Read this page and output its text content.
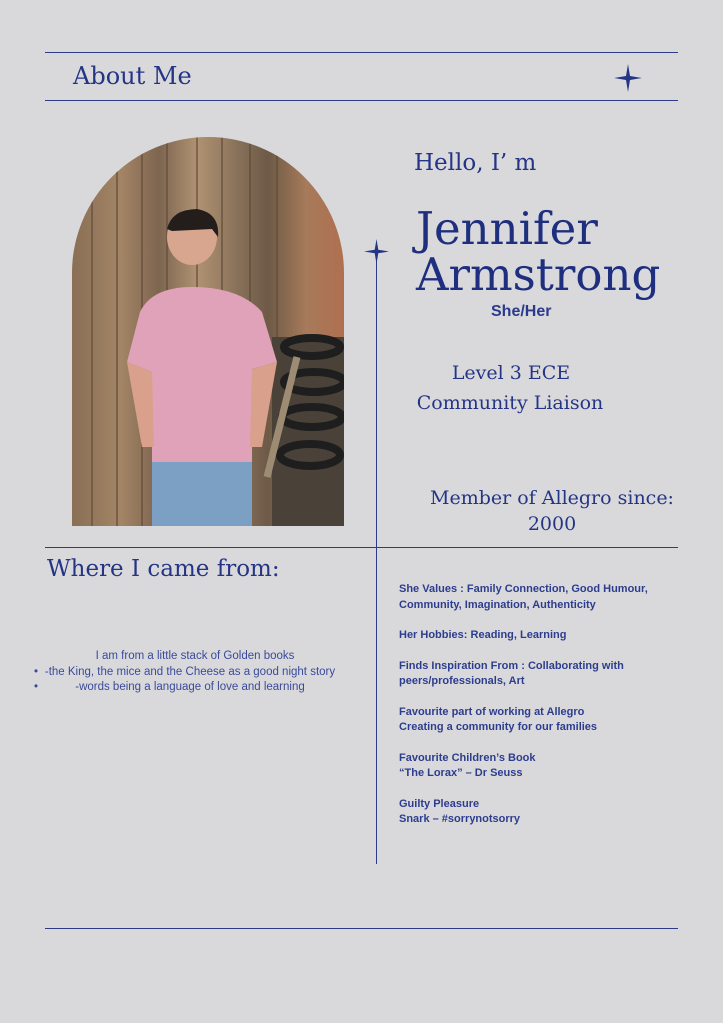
About Me
Hello, I’ m
Jennifer
Armstrong
She/Her
Level 3 ECE
Community Liaison
Member of Allegro since:
2000
Where I came from:

I am from a little stack of Golden books

• -the King, the mice and the Cheese as a good night story
• -words being a language of love and learning
She Values : Family Connection, Good Humour, Community, Imagination, Authenticity
Her Hobbies: Reading, Learning
Finds Inspiration From : Collaborating with peers/professionals, Art
Favourite part of working at Allegro
Creating a community for our families
Favourite Children’s Book
“The Lorax” – Dr Seuss
Guilty Pleasure
Snark – #sorrynotsorry
